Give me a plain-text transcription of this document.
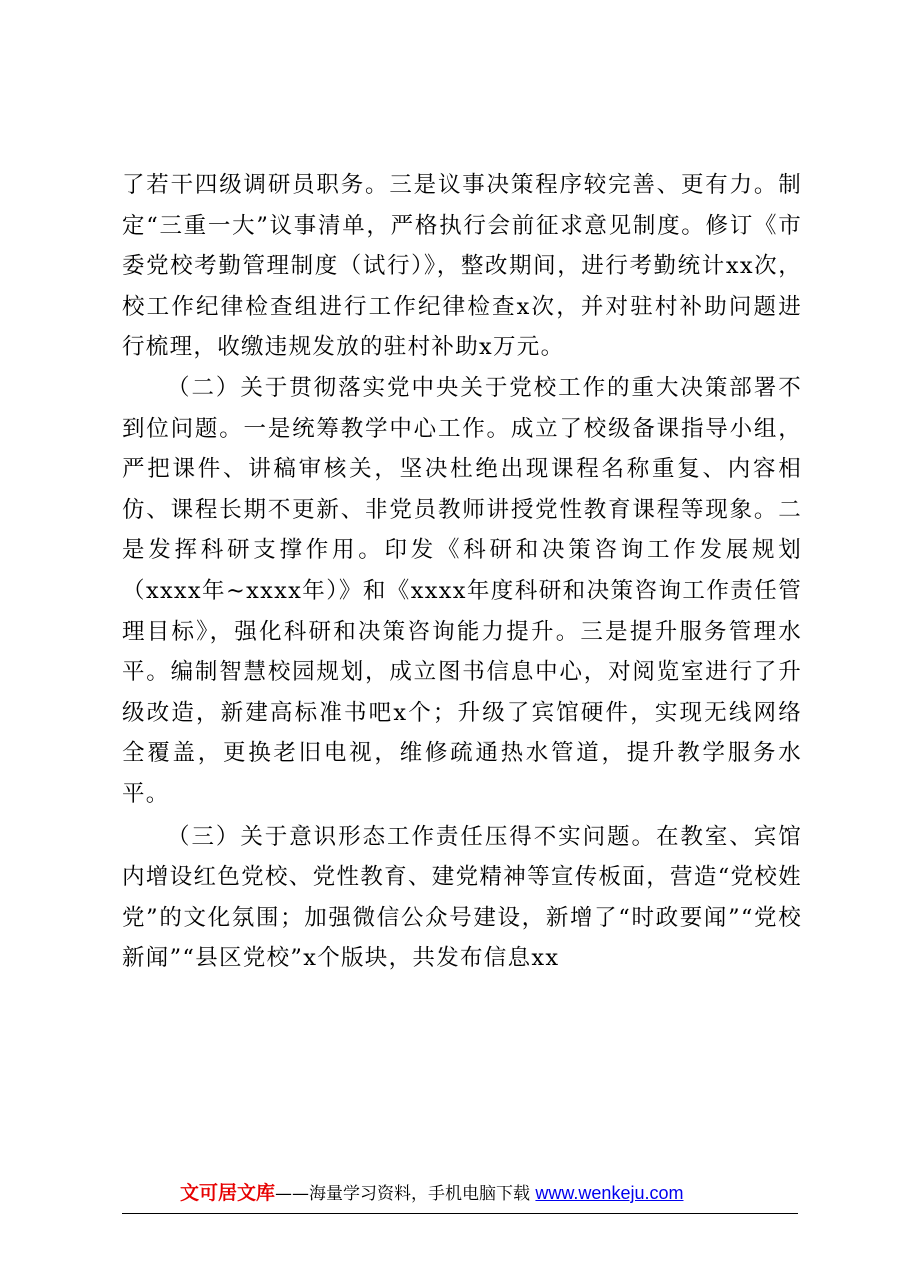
了若干四级调研员职务。三是议事决策程序较完善、更有力。制定“三重一大”议事清单，严格执行会前征求意见制度。修订《市委党校考勤管理制度（试行）》，整改期间，进行考勤统计xx次，校工作纪律检查组进行工作纪律检查x次，并对驻村补助问题进行梳理，收缴违规发放的驻村补助x万元。

（二）关于贯彻落实党中央关于党校工作的重大决策部署不到位问题。一是统筹教学中心工作。成立了校级备课指导小组，严把课件、讲稿审核关，坚决杜绝出现课程名称重复、内容相仿、课程长期不更新、非党员教师讲授党性教育课程等现象。二是发挥科研支撑作用。印发《科研和决策咨询工作发展规划（xxxx年~xxxx年）》和《xxxx年度科研和决策咨询工作责任管理目标》，强化科研和决策咨询能力提升。三是提升服务管理水平。编制智慧校园规划，成立图书信息中心，对阅览室进行了升级改造，新建高标准书吧x个；升级了宾馆硬件，实现无线网络全覆盖，更换老旧电视，维修疏通热水管道，提升教学服务水平。

（三）关于意识形态工作责任压得不实问题。在教室、宾馆内增设红色党校、党性教育、建党精神等宣传板面，营造“党校姓党”的文化氛围；加强微信公众号建设，新增了“时政要闻”“党校新闻”“县区党校”x个版块，共发布信息xx

文可居文库——海量学习资料，手机电脑下载 www.wenkeju.com
